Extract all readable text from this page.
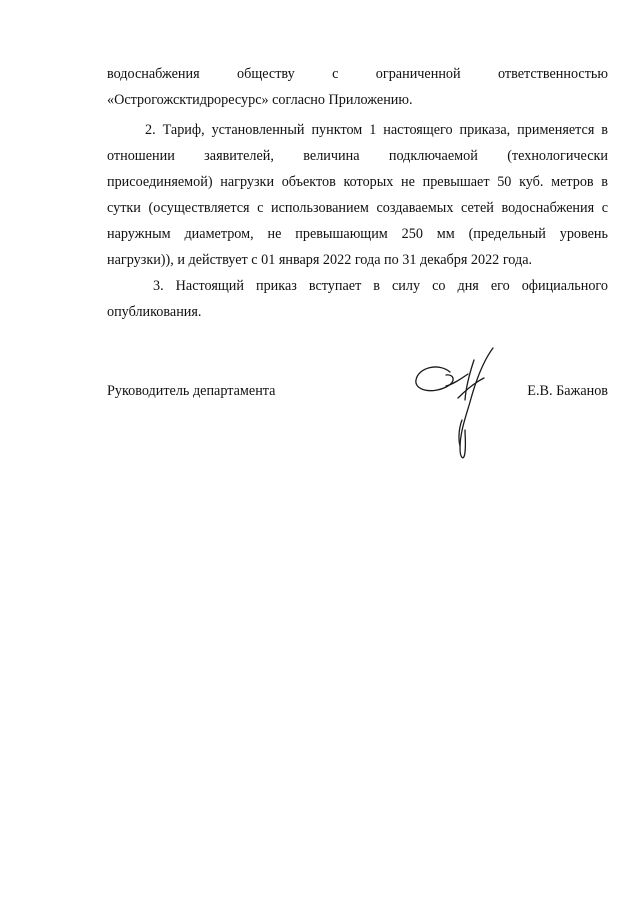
водоснабжения обществу с ограниченной ответственностью
«Острогожсктидроресурс» согласно Приложению.
2. Тариф, установленный пунктом 1 настоящего приказа, применяется в
отношении заявителей, величина подключаемой (технологически
присоединяемой) нагрузки объектов которых не превышает 50 куб. метров в
сутки (осуществляется с использованием создаваемых сетей водоснабжения с
наружным диаметром, не превышающим 250 мм (предельный уровень
нагрузки)), и действует с 01 января 2022 года по 31 декабря 2022 года.
3. Настоящий приказ вступает в силу со дня его официального
опубликования.
Руководитель департамента	Е.В. Бажанов
